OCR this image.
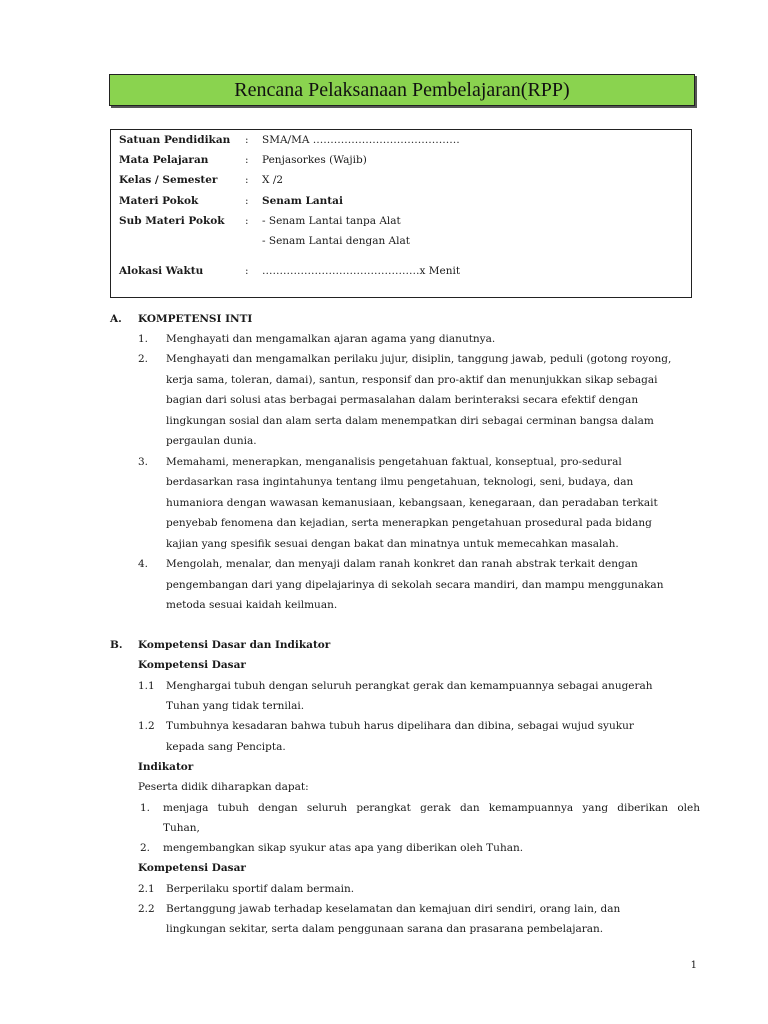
Rencana Pelaksanaan Pembelajaran(RPP)
Satuan Pendidikan : SMA/MA ……………………………………
Mata Pelajaran	: Penjasorkes (Wajib)
Kelas / Semester	: X /2
Materi Pokok	: Senam Lantai
Sub Materi Pokok : - Senam Lantai tanpa Alat
- Senam Lantai dengan Alat
Alokasi Waktu	: ………………………………………x Menit
A. KOMPETENSI INTI
1. Menghayati dan mengamalkan ajaran agama yang dianutnya.
2. Menghayati dan mengamalkan perilaku jujur, disiplin, tanggung jawab, peduli (gotong royong,
kerja sama, toleran, damai), santun, responsif dan pro-aktif dan menunjukkan sikap sebagai
bagian dari solusi atas berbagai permasalahan dalam berinteraksi secara efektif dengan
lingkungan sosial dan alam serta dalam menempatkan diri sebagai cerminan bangsa dalam
pergaulan dunia.
3. Memahami, menerapkan, menganalisis pengetahuan faktual, konseptual, pro-sedural
berdasarkan rasa ingintahunya tentang ilmu pengetahuan, teknologi, seni, budaya, dan
humaniora dengan wawasan kemanusiaan, kebangsaan, kenegaraan, dan peradaban terkait
penyebab fenomena dan kejadian, serta menerapkan pengetahuan prosedural pada bidang
kajian yang spesifik sesuai dengan bakat dan minatnya untuk memecahkan masalah.
4. Mengolah, menalar, dan menyaji dalam ranah konkret dan ranah abstrak terkait dengan
pengembangan dari yang dipelajarinya di sekolah secara mandiri, dan mampu menggunakan
metoda sesuai kaidah keilmuan.
B. Kompetensi Dasar dan Indikator
Kompetensi Dasar
1.1 Menghargai tubuh dengan seluruh perangkat gerak dan kemampuannya sebagai anugerah
Tuhan yang tidak ternilai.
1.2 Tumbuhnya kesadaran bahwa tubuh harus dipelihara dan dibina, sebagai wujud syukur
kepada sang Pencipta.
Indikator
Peserta didik diharapkan dapat:
1. menjaga tubuh dengan seluruh perangkat gerak dan kemampuannya yang diberikan oleh
Tuhan,
2. mengembangkan sikap syukur atas apa yang diberikan oleh Tuhan.
Kompetensi Dasar
2.1 Berperilaku sportif dalam bermain.
2.2 Bertanggung jawab terhadap keselamatan dan kemajuan diri sendiri, orang lain, dan
lingkungan sekitar, serta dalam penggunaan sarana dan prasarana pembelajaran.
1
